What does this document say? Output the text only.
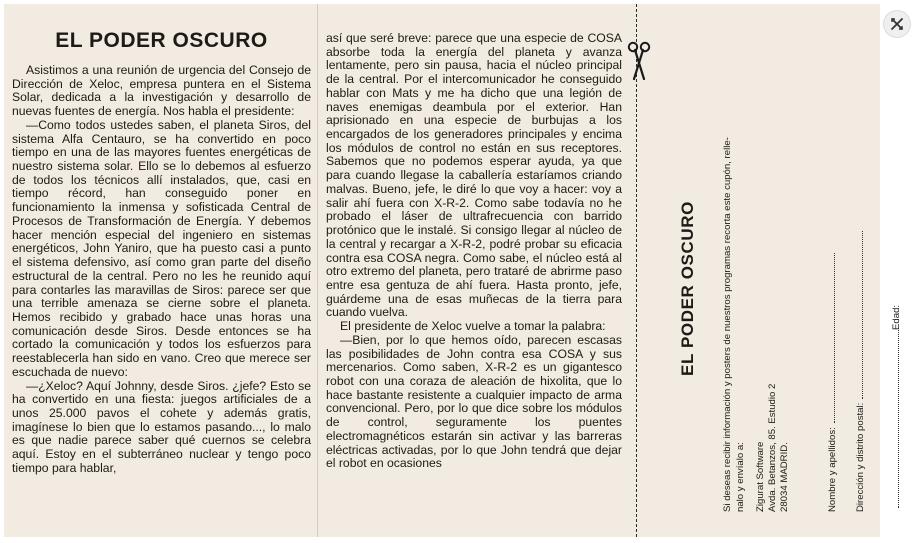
EL PODER OSCURO

Asistimos a una reunión de urgencia del Consejo de Dirección de Xeloc, empresa puntera en el Sistema Solar, dedicada a la investigación y desarrollo de nuevas fuentes de energía. Nos habla el presidente:

—Como todos ustedes saben, el planeta Siros, del sistema Alfa Centauro, se ha convertido en poco tiempo en una de las mayores fuentes energéticas de nuestro sistema solar. Ello se lo debemos al esfuerzo de todos los técnicos allí instalados, que, casi en tiempo récord, han conseguido poner en funcionamiento la inmensa y sofisticada Central de Procesos de Transformación de Energía. Y debemos hacer mención especial del ingeniero en sistemas energéticos, John Yaniro, que ha puesto casi a punto el sistema defensivo, así como gran parte del diseño estructural de la central. Pero no les he reunido aquí para contarles las maravillas de Siros: parece ser que una terrible amenaza se cierne sobre el planeta. Hemos recibido y grabado hace unas horas una comunicación desde Siros. Desde entonces se ha cortado la comunicación y todos los esfuerzos para reestablecerla han sido en vano. Creo que merece ser escuchada de nuevo:

—¿Xeloc? Aquí Johnny, desde Siros. ¿jefe? Esto se ha convertido en una fiesta: juegos artificiales de a unos 25.000 pavos el cohete y además gratis, imagínese lo bien que lo estamos pasando..., lo malo es que nadie parece saber qué cuernos se celebra aquí. Estoy en el subterráneo nuclear y tengo poco tiempo para hablar,

así que seré breve: parece que una especie de COSA absorbe toda la energía del planeta y avanza lentamente, pero sin pausa, hacia el núcleo principal de la central. Por el intercomunicador he conseguido hablar con Mats y me ha dicho que una legión de naves enemigas deambula por el exterior. Han aprisionado en una especie de burbujas a los encargados de los generadores principales y encima los módulos de control no están en sus receptores. Sabemos que no podemos esperar ayuda, ya que para cuando llegase la caballería estaríamos criando malvas. Bueno, jefe, le diré lo que voy a hacer: voy a salir ahí fuera con X-R-2. Como sabe todavía no he probado el láser de ultrafrecuencia con barrido protónico que le instalé. Si consigo llegar al núcleo de la central y recargar a X-R-2, podré probar su eficacia contra esa COSA negra. Como sabe, el núcleo está al otro extremo del planeta, pero trataré de abrirme paso entre esa gentuza de ahí fuera. Hasta pronto, jefe, guárdeme una de esas muñecas de la tierra para cuando vuelva.

El presidente de Xeloc vuelve a tomar la palabra:

—Bien, por lo que hemos oído, parecen escasas las posibilidades de John contra esa COSA y sus mercenarios. Como saben, X-R-2 es un gigantesco robot con una coraza de aleación de hixolita, que lo hace bastante resistente a cualquier impacto de arma convencional. Pero, por lo que dice sobre los módulos de control, seguramente los puentes electromagnéticos estarán sin activar y las barreras eléctricas activadas, por lo que John tendrá que dejar el robot en ocasiones

EL PODER OSCURO	Si deseas recibir información y posters de nuestros programas recorta este cupón, relle- nalo y envíalo a: Zigurat Software Avda. Betanzos, 85. Estudio 2 28034 MADRID.	Nombre y apellidos: Dirección y distrito postal:
Edad:
